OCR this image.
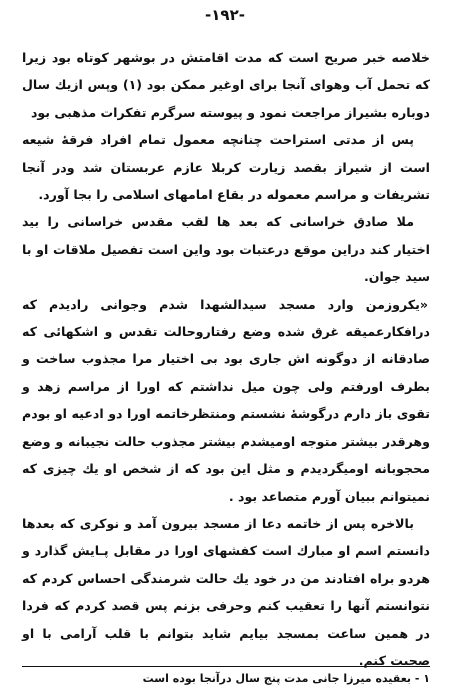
-۱۹۲-

خلاصه خبر صریح است که مدت اقامتش در بوشهر کوتاه بود زیرا که تحمل آب وهوای آنجا برای اوغیر ممکن بود (۱) وپس ازیك سال دوباره بشیراز مراجعت نمود و پیوسته سرگرم تفکرات مذهبی بود

پس از مدتی استراحت چنانچه معمول تمام افراد فرقهٔ شیعه است از شیراز بقصد زیارت کربلا عازم عربستان شد ودر آنجا تشریفات و مراسم معموله در بقاع امامهای اسلامی را بجا آورد.

ملا صادق خراسانی که بعد ها لقب مقدس خراسانی را بید اختیار کند دراین موقع درعتبات بود واین است تفصیل ملاقات او با سید جوان.

«یکروزمن وارد مسجد سیدالشهدا شدم وجوانی رادیدم که درافکارعمیقه غرق شده وضع رفتاروحالت تقدس و اشکهائی که صادقانه از دوگونه اش جاری بود بی اختیار مرا مجذوب ساخت و بطرف اورفتم ولی چون میل نداشتم که اورا از مراسم زهد و تقوی باز دارم درگوشهٔ نشستم ومنتظرخاتمه اورا دو ادعیه او بودم وهرقدر بیشتر متوجه اومیشدم بیشتر مجذوب حالت نجیبانه و وضع محجوبانه اومیگردیدم و مثل این بود که از شخص او یك چیزی که نمیتوانم ببیان آورم متصاعد بود .

بالاخره پس از خاتمه دعا از مسجد بیرون آمد و نوکری که بعدها دانستم اسم او مبارك است کفشهای اورا در مقابل پـایش گذارد و هردو براه افتادند من در خود یك حالت شرمندگی احساس کردم که نتوانستم آنها را تعقیب کنم وحرفی بزنم پس قصد کردم که فردا در همین ساعت بمسجد بیایم شاید بتوانم با قلب آرامی با او صحبت کنم.

۱ - بعقیده میرزا جانی مدت پنج سال درآنجا بوده است
